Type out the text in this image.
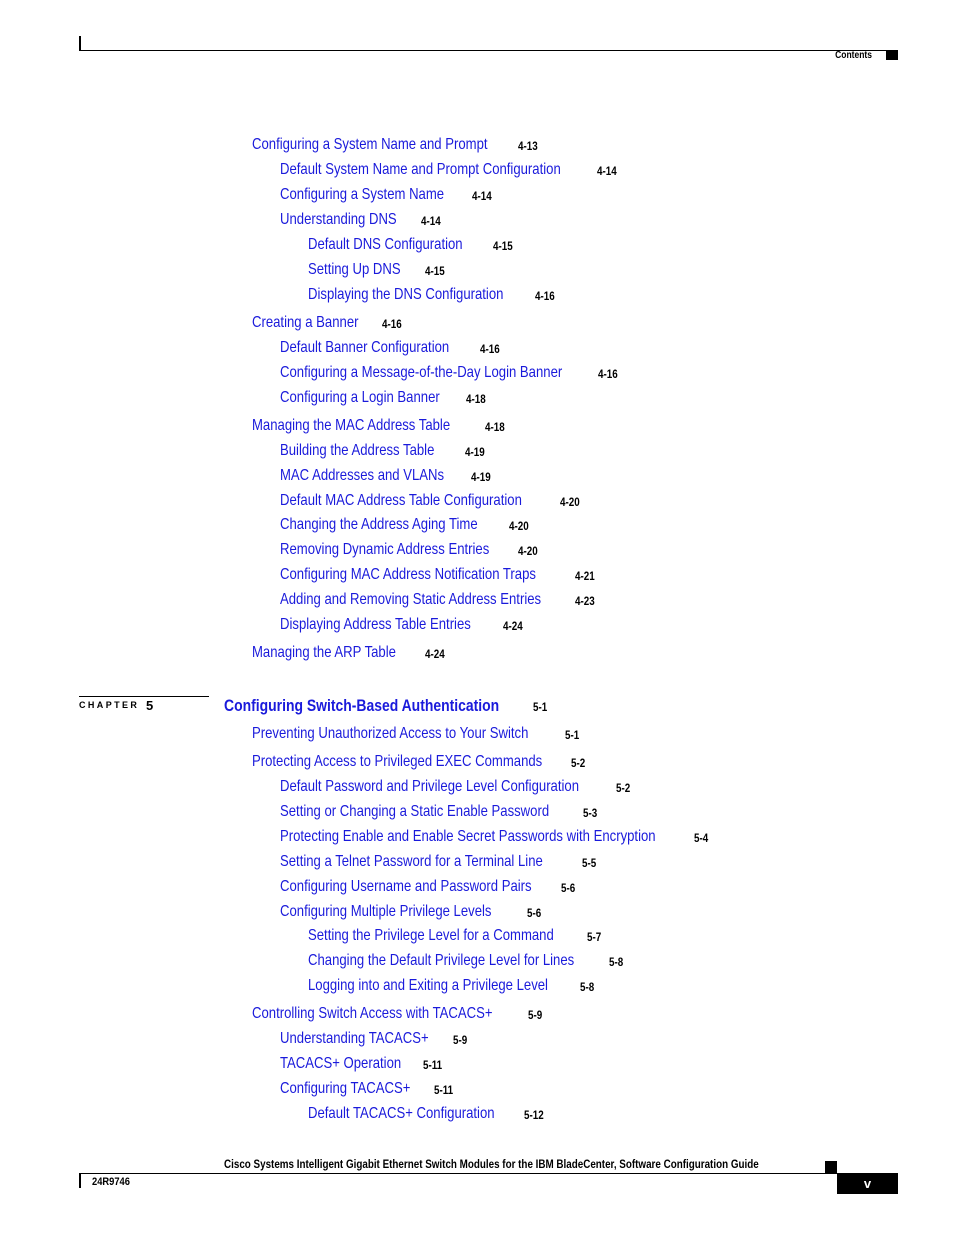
Contents
Configuring a System Name and Prompt	4-13
Default System Name and Prompt Configuration	4-14
Configuring a System Name 4-14
Understanding DNS 4-14
Default DNS Configuration	4-15
Setting Up DNS 4-15
Displaying the DNS Configuration	4-16
Creating a Banner 4-16
Default Banner Configuration	4-16
Configuring a Message-of-the-Day Login Banner	4-16
Configuring a Login Banner 4-18
Managing the MAC Address Table	4-18
Building the Address Table	4-19
MAC Addresses and VLANs 4-19
Default MAC Address Table Configuration	4-20
Changing the Address Aging Time	4-20
Removing Dynamic Address Entries 4-20
Configuring MAC Address Notification Traps	4-21
Adding and Removing Static Address Entries	4-23
Displaying Address Table Entries	4-24
Managing the ARP Table 4-24
CHAPTER 5	Configuring Switch-Based Authentication	5-1
Preventing Unauthorized Access to Your Switch	5-1
Protecting Access to Privileged EXEC Commands 5-2
Default Password and Privilege Level Configuration	5-2
Setting or Changing a Static Enable Password	5-3
Protecting Enable and Enable Secret Passwords with Encryption	5-4
Setting a Telnet Password for a Terminal Line	5-5
Configuring Username and Password Pairs 5-6
Configuring Multiple Privilege Levels	5-6
Setting the Privilege Level for a Command	5-7
Changing the Default Privilege Level for Lines	5-8
Logging into and Exiting a Privilege Level	5-8
Controlling Switch Access with TACACS+	5-9
Understanding TACACS+ 5-9
TACACS+ Operation 5-11
Configuring TACACS+ 5-11
Default TACACS+ Configuration 5-12
Cisco Systems Intelligent Gigabit Ethernet Switch Modules for the IBM BladeCenter, Software Configuration Guide
24R9746	v
